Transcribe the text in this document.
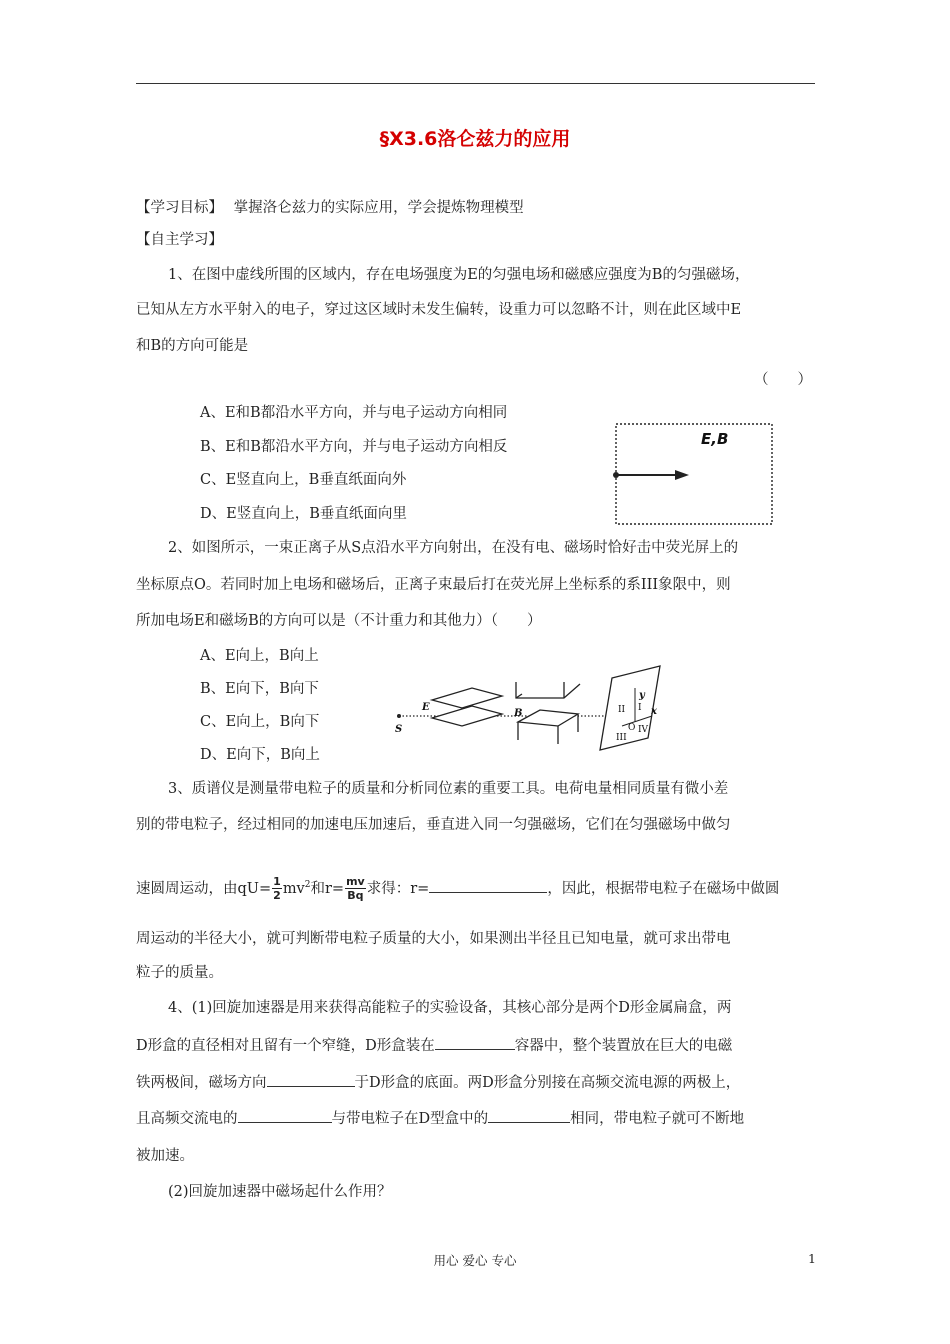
§X3.6洛仑兹力的应用
【学习目标】 掌握洛仑兹力的实际应用，学会提炼物理模型
【自主学习】
1、在图中虚线所围的区域内，存在电场强度为E的匀强电场和磁感应强度为B的匀强磁场，
已知从左方水平射入的电子，穿过这区域时未发生偏转，设重力可以忽略不计，则在此区域中E
和B的方向可能是
（　　）
A、E和B都沿水平方向，并与电子运动方向相同
B、E和B都沿水平方向，并与电子运动方向相反
C、E竖直向上，B垂直纸面向外
D、E竖直向上，B垂直纸面向里
E,B
2、如图所示，一束正离子从S点沿水平方向射出，在没有电、磁场时恰好击中荧光屏上的
坐标原点O。若同时加上电场和磁场后，正离子束最后打在荧光屏上坐标系的系III象限中，则
所加电场E和磁场B的方向可以是（不计重力和其他力）（　　）
A、E向上，B向上
B、E向下，B向下
C、E向上，B向下
D、E向下，B向上
S
E
B
y
x
I
II
III
IV
O
3、质谱仪是测量带电粒子的质量和分析同位素的重要工具。电荷电量相同质量有微小差
别的带电粒子，经过相同的加速电压加速后，垂直进入同一匀强磁场，它们在匀强磁场中做匀
速圆周运动，由$qU= \frac{1}{2} mv^2$和$r= \frac{mv}{Bq}$ 求得：r=	，因此，根据带电粒子在磁场中做圆
周运动的半径大小，就可判断带电粒子质量的大小，如果测出半径且已知电量，就可求出带电
粒子的质量。
4、(1)回旋加速器是用来获得高能粒子的实验设备，其核心部分是两个D形金属扁盒，两
D形盒的直径相对且留有一个窄缝，D形盒装在	容器中，整个装置放在巨大的电磁
铁两极间，磁场方向	于D形盒的底面。两D形盒分别接在高频交流电源的两极上，
且高频交流电的	与带电粒子在D型盒中的	相同，带电粒子就可不断地
被加速。
(2)回旋加速器中磁场起什么作用？
用心 爱心 专心	1
